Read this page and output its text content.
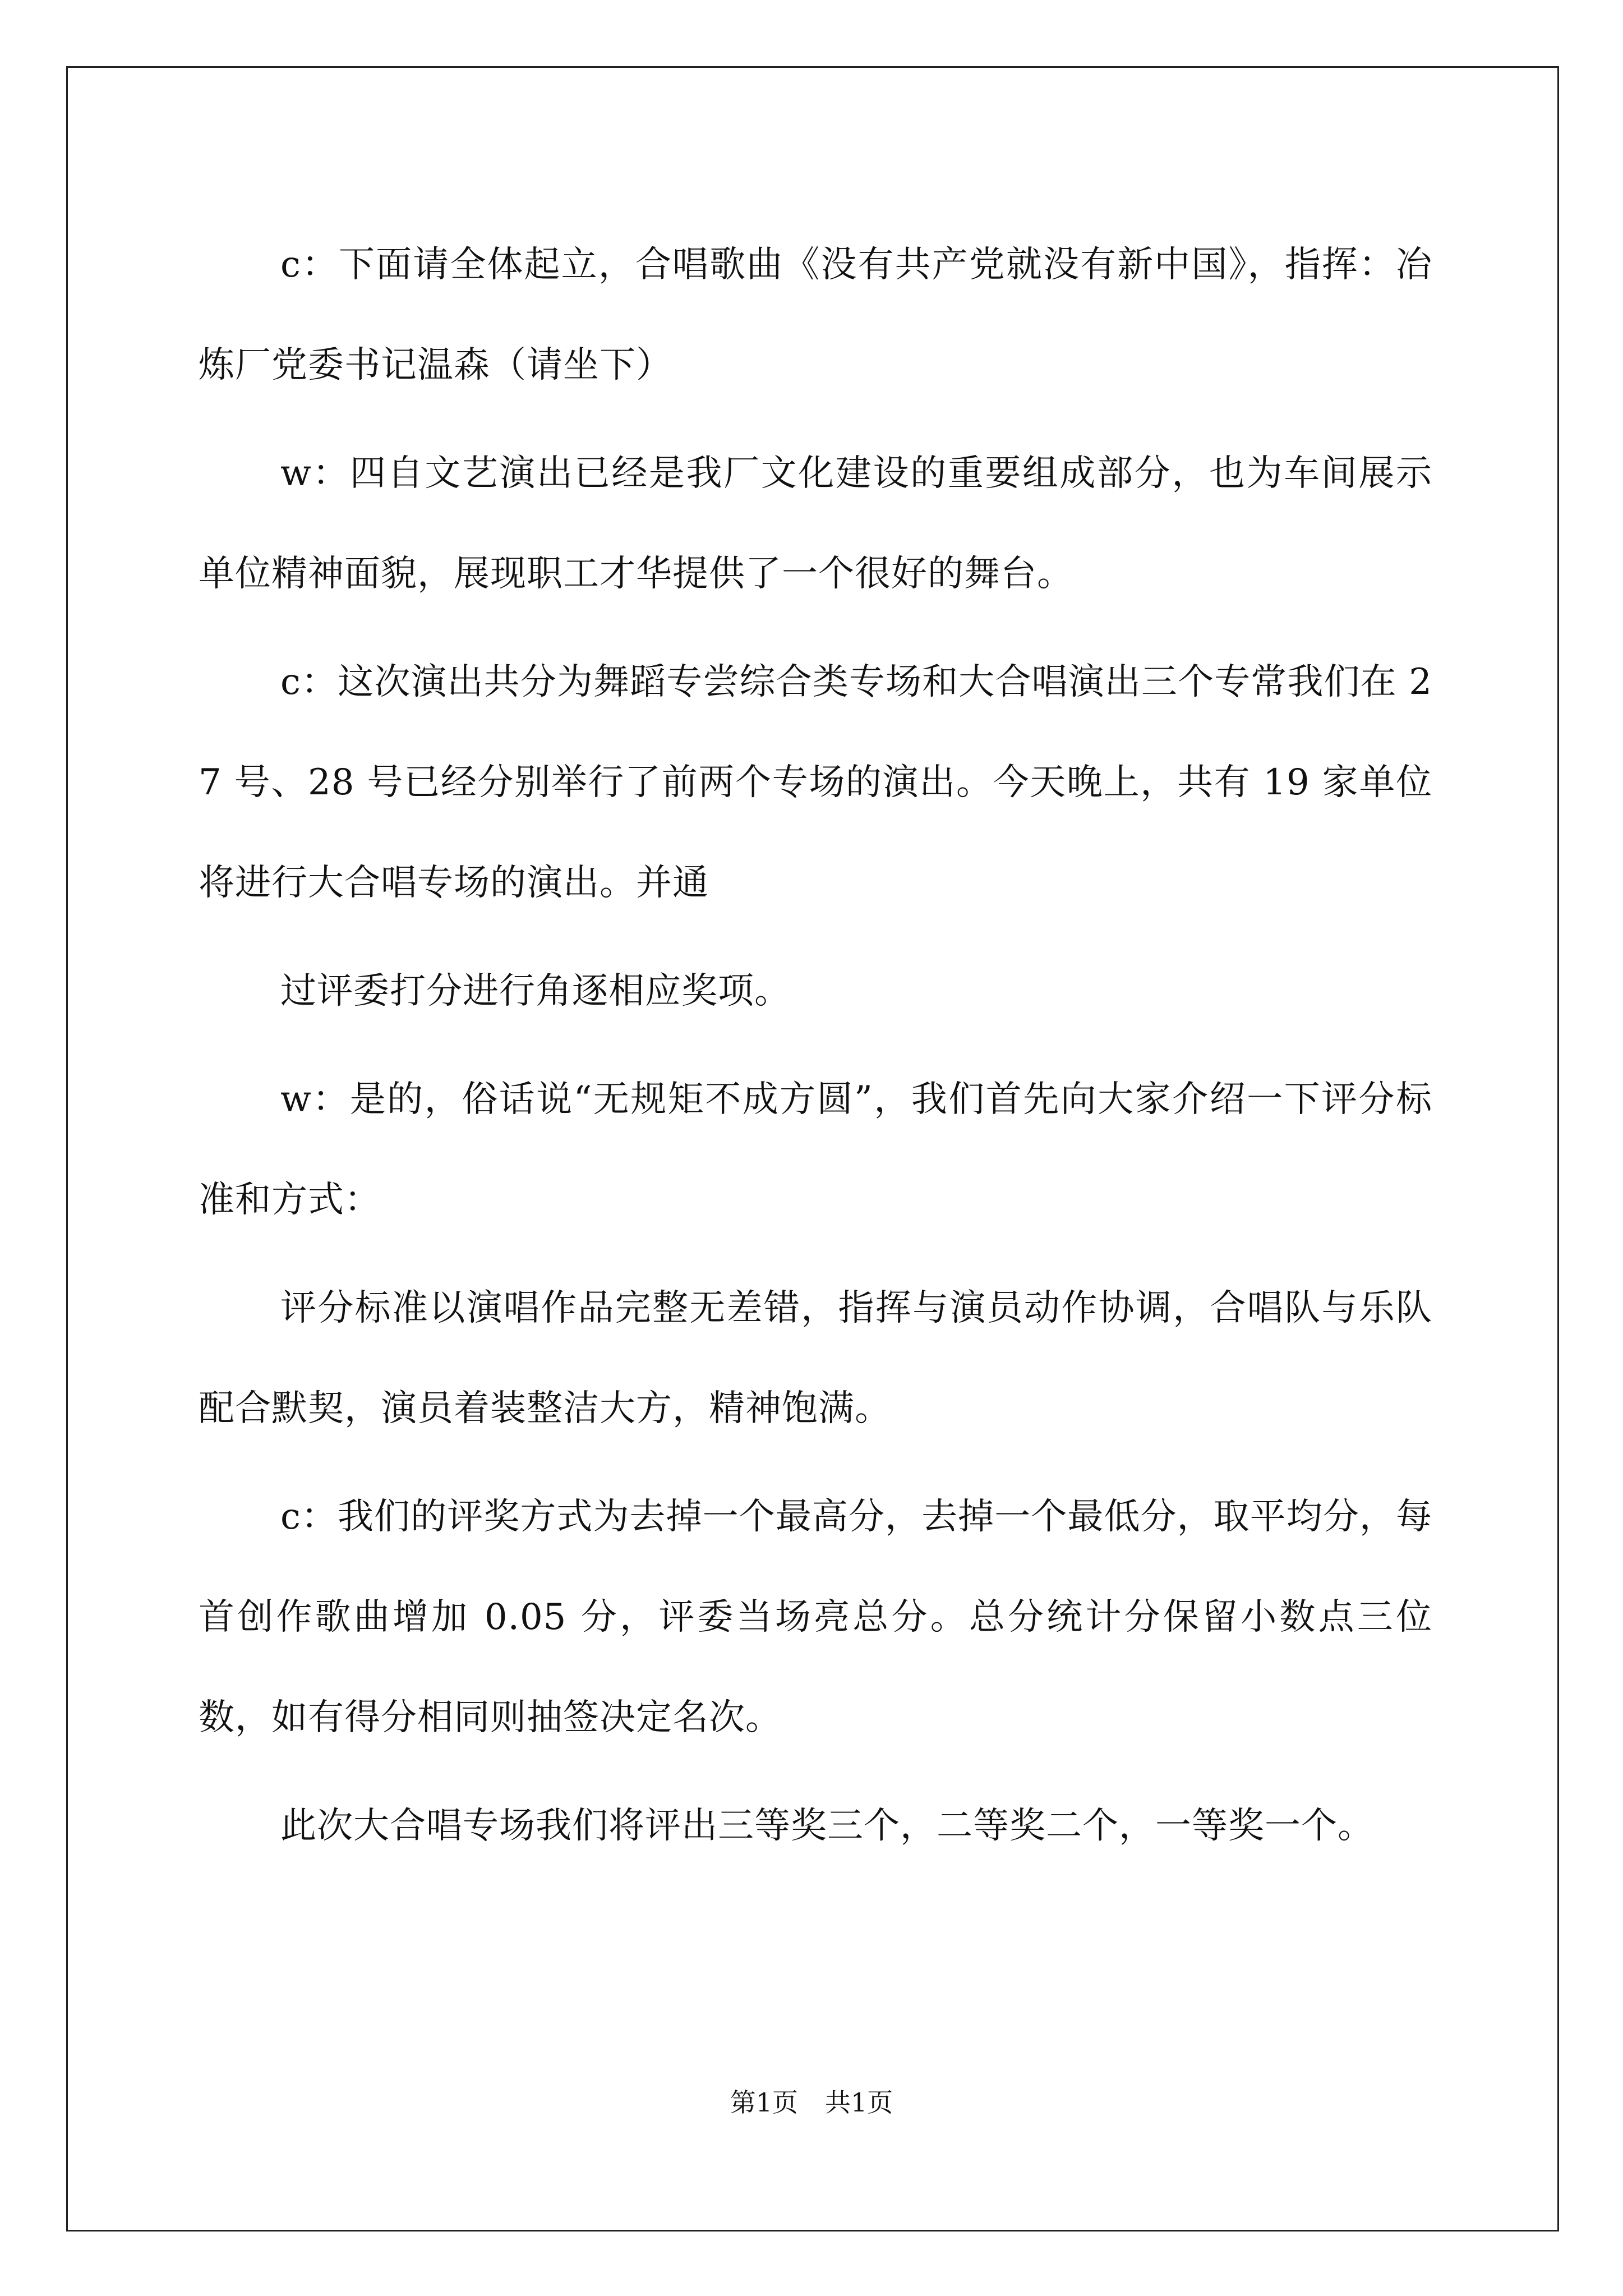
c：下面请全体起立，合唱歌曲《没有共产党就没有新中国》，指挥：冶炼厂党委书记温森（请坐下）

w：四自文艺演出已经是我厂文化建设的重要组成部分，也为车间展示单位精神面貌，展现职工才华提供了一个很好的舞台。

c：这次演出共分为舞蹈专尝综合类专场和大合唱演出三个专常我们在 27 号、28 号已经分别举行了前两个专场的演出。今天晚上，共有 19 家单位将进行大合唱专场的演出。并通

过评委打分进行角逐相应奖项。

w：是的，俗话说“无规矩不成方圆”，我们首先向大家介绍一下评分标准和方式：

评分标准以演唱作品完整无差错，指挥与演员动作协调，合唱队与乐队配合默契，演员着装整洁大方，精神饱满。

c：我们的评奖方式为去掉一个最高分，去掉一个最低分，取平均分，每首创作歌曲增加 0.05 分，评委当场亮总分。总分统计分保留小数点三位数，如有得分相同则抽签决定名次。

此次大合唱专场我们将评出三等奖三个，二等奖二个，一等奖一个。

第1页 共1页
